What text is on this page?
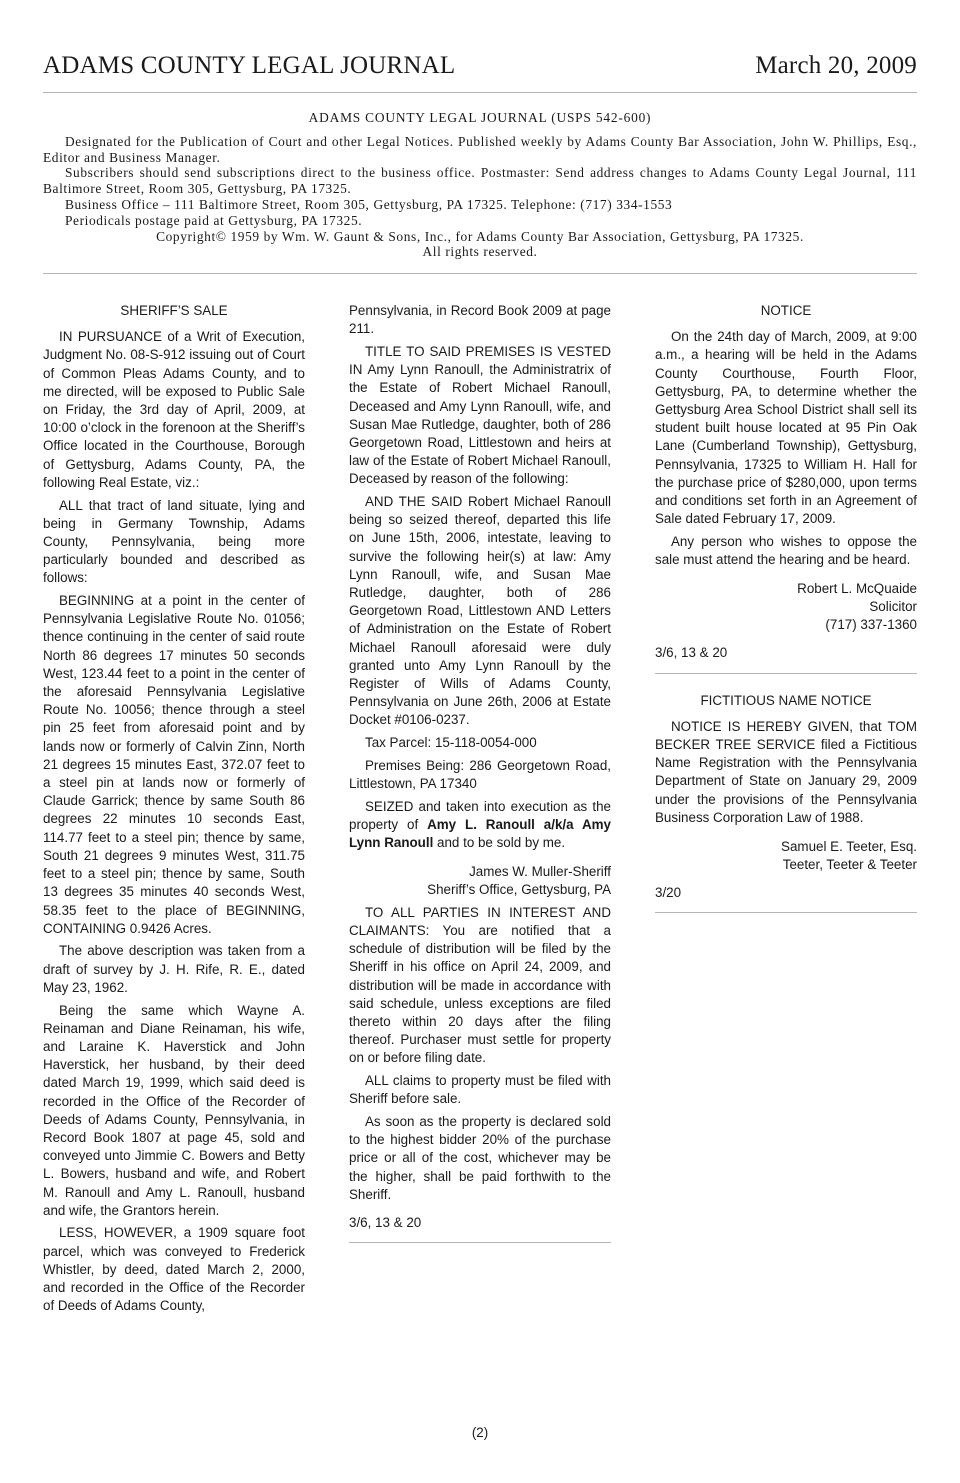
ADAMS COUNTY LEGAL JOURNAL	March 20, 2009

ADAMS COUNTY LEGAL JOURNAL (USPS 542-600)

Designated for the Publication of Court and other Legal Notices. Published weekly by Adams County Bar Association, John W. Phillips, Esq., Editor and Business Manager.

Subscribers should send subscriptions direct to the business office. Postmaster: Send address changes to Adams County Legal Journal, 111 Baltimore Street, Room 305, Gettysburg, PA 17325.

Business Office – 111 Baltimore Street, Room 305, Gettysburg, PA 17325. Telephone: (717) 334-1553

Periodicals postage paid at Gettysburg, PA 17325.

Copyright© 1959 by Wm. W. Gaunt & Sons, Inc., for Adams County Bar Association, Gettysburg, PA 17325.

All rights reserved.

SHERIFF’S SALE

IN PURSUANCE of a Writ of Execution, Judgment No. 08-S-912 issuing out of Court of Common Pleas Adams County, and to me directed, will be exposed to Public Sale on Friday, the 3rd day of April, 2009, at 10:00 o’clock in the forenoon at the Sheriff’s Office located in the Courthouse, Borough of Gettysburg, Adams County, PA, the following Real Estate, viz.:

ALL that tract of land situate, lying and being in Germany Township, Adams County, Pennsylvania, being more particularly bounded and described as follows:

BEGINNING at a point in the center of Pennsylvania Legislative Route No. 01056; thence continuing in the center of said route North 86 degrees 17 minutes 50 seconds West, 123.44 feet to a point in the center of the aforesaid Pennsylvania Legislative Route No. 10056; thence through a steel pin 25 feet from aforesaid point and by lands now or formerly of Calvin Zinn, North 21 degrees 15 minutes East, 372.07 feet to a steel pin at lands now or formerly of Claude Garrick; thence by same South 86 degrees 22 minutes 10 seconds East, 114.77 feet to a steel pin; thence by same, South 21 degrees 9 minutes West, 311.75 feet to a steel pin; thence by same, South 13 degrees 35 minutes 40 seconds West, 58.35 feet to the place of BEGINNING, CONTAINING 0.9426 Acres.

The above description was taken from a draft of survey by J. H. Rife, R. E., dated May 23, 1962.

Being the same which Wayne A. Reinaman and Diane Reinaman, his wife, and Laraine K. Haverstick and John Haverstick, her husband, by their deed dated March 19, 1999, which said deed is recorded in the Office of the Recorder of Deeds of Adams County, Pennsylvania, in Record Book 1807 at page 45, sold and conveyed unto Jimmie C. Bowers and Betty L. Bowers, husband and wife, and Robert M. Ranoull and Amy L. Ranoull, husband and wife, the Grantors herein.

LESS, HOWEVER, a 1909 square foot parcel, which was conveyed to Frederick Whistler, by deed, dated March 2, 2000, and recorded in the Office of the Recorder of Deeds of Adams County,

Pennsylvania, in Record Book 2009 at page 211.

TITLE TO SAID PREMISES IS VESTED IN Amy Lynn Ranoull, the Administratrix of the Estate of Robert Michael Ranoull, Deceased and Amy Lynn Ranoull, wife, and Susan Mae Rutledge, daughter, both of 286 Georgetown Road, Littlestown and heirs at law of the Estate of Robert Michael Ranoull, Deceased by reason of the following:

AND THE SAID Robert Michael Ranoull being so seized thereof, departed this life on June 15th, 2006, intestate, leaving to survive the following heir(s) at law: Amy Lynn Ranoull, wife, and Susan Mae Rutledge, daughter, both of 286 Georgetown Road, Littlestown AND Letters of Administration on the Estate of Robert Michael Ranoull aforesaid were duly granted unto Amy Lynn Ranoull by the Register of Wills of Adams County, Pennsylvania on June 26th, 2006 at Estate Docket #0106-0237.

Tax Parcel: 15-118-0054-000

Premises Being: 286 Georgetown Road, Littlestown, PA 17340

SEIZED and taken into execution as the property of Amy L. Ranoull a/k/a Amy Lynn Ranoull and to be sold by me.

James W. Muller-Sheriff

Sheriff’s Office, Gettysburg, PA

TO ALL PARTIES IN INTEREST AND CLAIMANTS: You are notified that a schedule of distribution will be filed by the Sheriff in his office on April 24, 2009, and distribution will be made in accordance with said schedule, unless exceptions are filed thereto within 20 days after the filing thereof. Purchaser must settle for property on or before filing date.

ALL claims to property must be filed with Sheriff before sale.

As soon as the property is declared sold to the highest bidder 20% of the purchase price or all of the cost, whichever may be the higher, shall be paid forthwith to the Sheriff.

3/6, 13 & 20

NOTICE

On the 24th day of March, 2009, at 9:00 a.m., a hearing will be held in the Adams County Courthouse, Fourth Floor, Gettysburg, PA, to determine whether the Gettysburg Area School District shall sell its student built house located at 95 Pin Oak Lane (Cumberland Township), Gettysburg, Pennsylvania, 17325 to William H. Hall for the purchase price of $280,000, upon terms and conditions set forth in an Agreement of Sale dated February 17, 2009.

Any person who wishes to oppose the sale must attend the hearing and be heard.

Robert L. McQuaide

Solicitor

(717) 337-1360

3/6, 13 & 20

FICTITIOUS NAME NOTICE

NOTICE IS HEREBY GIVEN, that TOM BECKER TREE SERVICE filed a Fictitious Name Registration with the Pennsylvania Department of State on January 29, 2009 under the provisions of the Pennsylvania Business Corporation Law of 1988.

Samuel E. Teeter, Esq.

Teeter, Teeter & Teeter

3/20

(2)
